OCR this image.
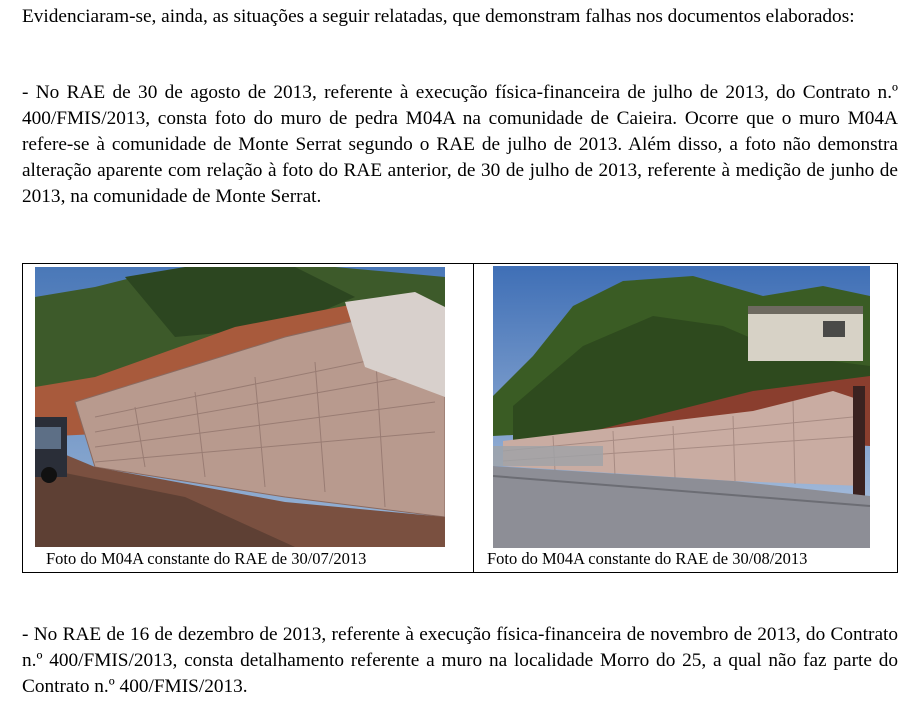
Evidenciaram-se, ainda, as situações a seguir relatadas, que demonstram falhas nos documentos elaborados:
- No RAE de 30 de agosto de 2013, referente à execução física-financeira de julho de 2013, do Contrato n.º 400/FMIS/2013, consta foto do muro de pedra M04A na comunidade de Caieira. Ocorre que o muro M04A refere-se à comunidade de Monte Serrat segundo o RAE de julho de 2013. Além disso, a foto não demonstra alteração aparente com relação à foto do RAE anterior, de 30 de julho de 2013, referente à medição de junho de 2013, na comunidade de Monte Serrat.
Foto do M04A constante do RAE de 30/07/2013	Foto do M04A constante do RAE de 30/08/2013
- No RAE de 16 de dezembro de 2013, referente à execução física-financeira de novembro de 2013, do Contrato n.º 400/FMIS/2013, consta detalhamento referente a muro na localidade Morro do 25, a qual não faz parte do Contrato n.º 400/FMIS/2013.
